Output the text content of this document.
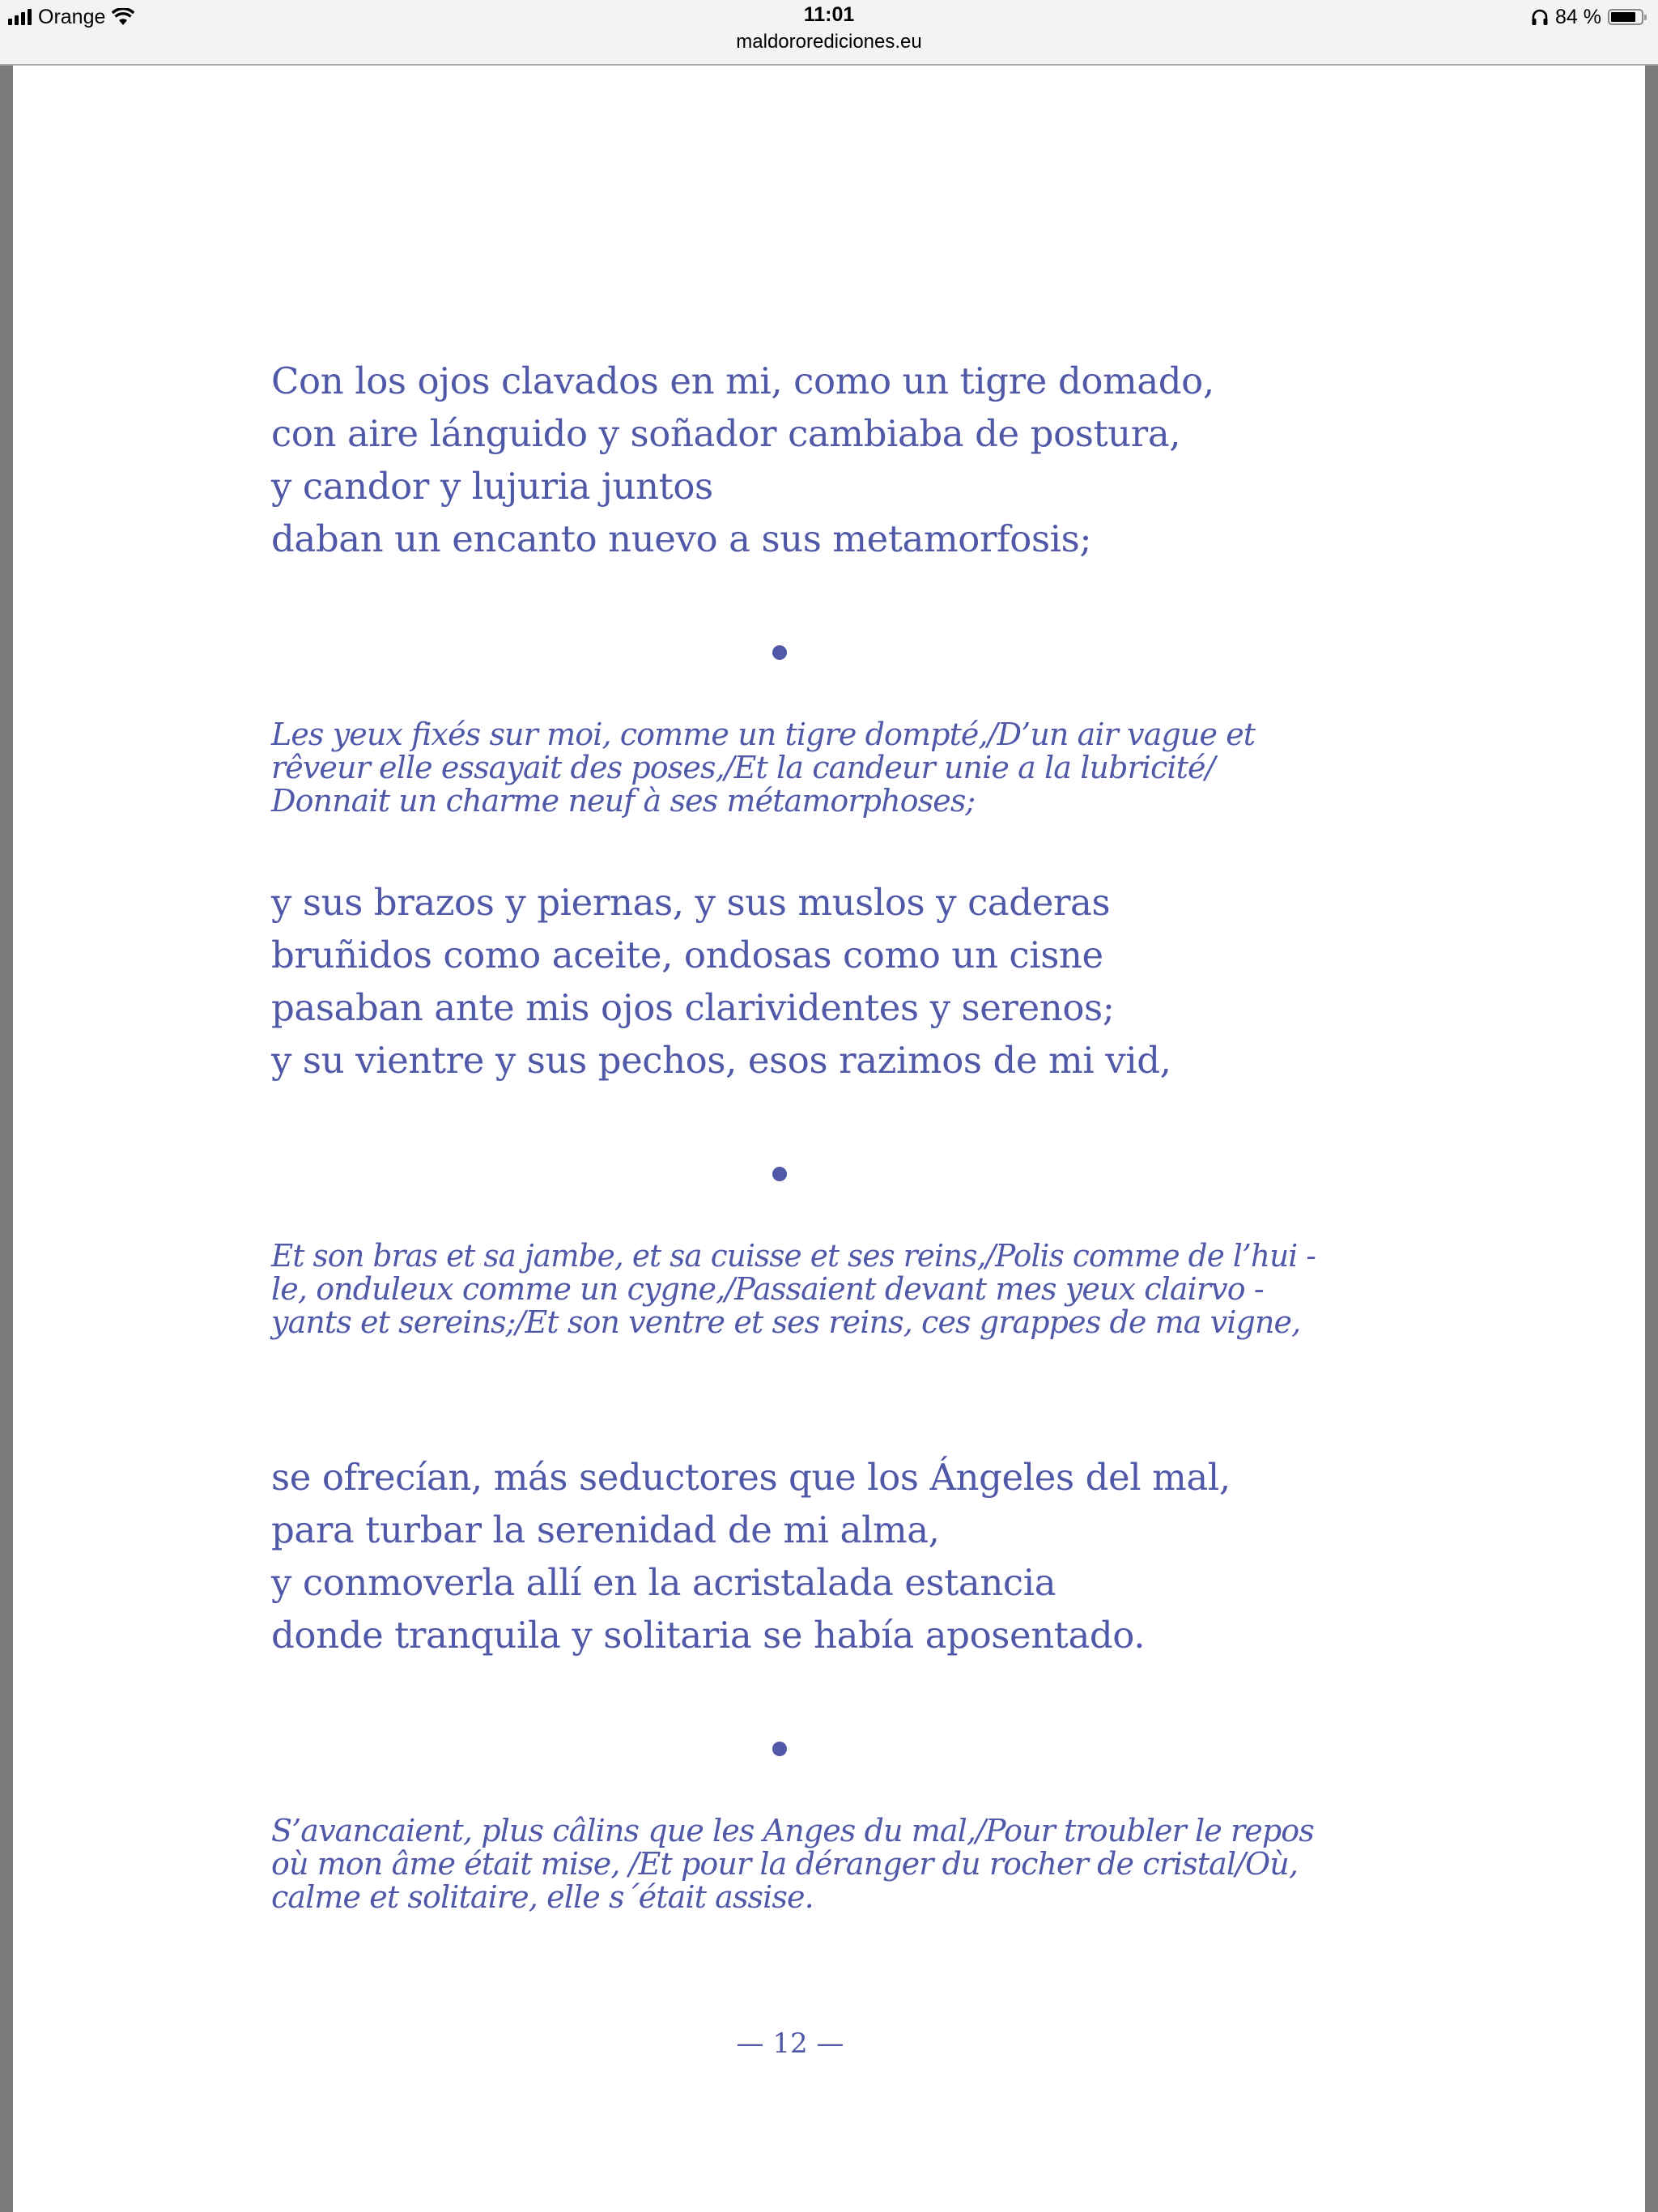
Orange	11:01
maldororediciones.eu
84 %
Con los ojos clavados en mi, como un tigre domado,
con aire lánguido y soñador cambiaba de postura,
y candor y lujuria juntos
daban un encanto nuevo a sus metamorfosis;
Les yeux fixés sur moi, comme un tigre dompté,/D’un air vague et
rêveur elle essayait des poses,/Et la candeur unie a la lubricité/
Donnait un charme neuf à ses métamorphoses;
y sus brazos y piernas, y sus muslos y caderas
bruñidos como aceite, ondosas como un cisne
pasaban ante mis ojos clarividentes y serenos;
y su vientre y sus pechos, esos razimos de mi vid,
Et son bras et sa jambe, et sa cuisse et ses reins,/Polis comme de l’hui -
le, onduleux comme un cygne,/Passaient devant mes yeux clairvo -
yants et sereins;/Et son ventre et ses reins, ces grappes de ma vigne,
se ofrecían, más seductores que los Ángeles del mal,
para turbar la serenidad de mi alma,
y conmoverla allí en la acristalada estancia
donde tranquila y solitaria se había aposentado.
S’avancaient, plus câlins que les Anges du mal,/Pour troubler le repos
où mon âme était mise, /Et pour la déranger du rocher de cristal/Où,
calme et solitaire, elle s´était assise.
— 12 —
